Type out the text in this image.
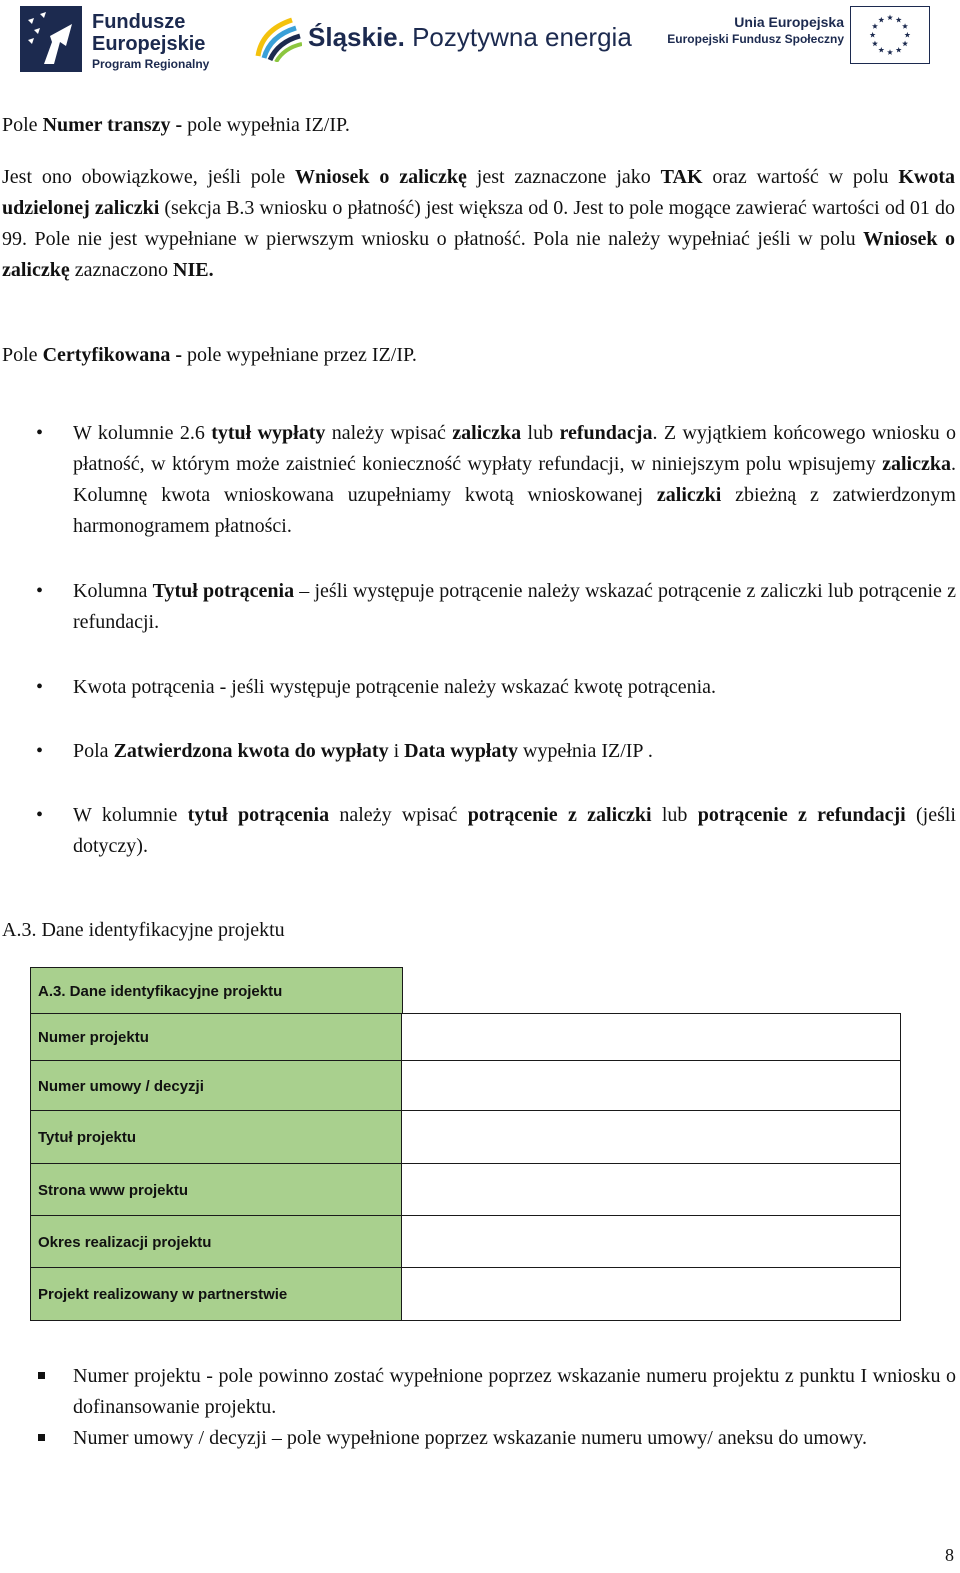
Fundusze
Europejskie
Program Regionalny
Śląskie. Pozytywna energia	Unia Europejska
Europejski Fundusz Społeczny

Pole Numer transzy - pole wypełnia IZ/IP.

Jest ono obowiązkowe, jeśli pole Wniosek o zaliczkę jest zaznaczone jako TAK oraz wartość w polu Kwota udzielonej zaliczki (sekcja B.3 wniosku o płatność) jest większa od 0. Jest to pole mogące zawierać wartości od 01 do 99. Pole nie jest wypełniane w pierwszym wniosku o płatność. Pola nie należy wypełniać jeśli w polu Wniosek o zaliczkę zaznaczono NIE.

Pole Certyfikowana - pole wypełniane przez IZ/IP.

• W kolumnie 2.6 tytuł wypłaty należy wpisać zaliczka lub refundacja. Z wyjątkiem końcowego wniosku o płatność, w którym może zaistnieć konieczność wypłaty refundacji, w niniejszym polu wpisujemy zaliczka. Kolumnę kwota wnioskowana uzupełniamy kwotą wnioskowanej zaliczki zbieżną z zatwierdzonym harmonogramem płatności.
• Kolumna Tytuł potrącenia – jeśli występuje potrącenie należy wskazać potrącenie z zaliczki lub potrącenie z refundacji.
• Kwota potrącenia - jeśli występuje potrącenie należy wskazać kwotę potrącenia.
• Pola Zatwierdzona kwota do wypłaty i Data wypłaty wypełnia IZ/IP .
• W kolumnie tytuł potrącenia należy wpisać potrącenie z zaliczki lub potrącenie z refundacji (jeśli dotyczy).

A.3. Dane identyfikacyjne projektu

A.3. Dane identyfikacyjne projektu
Numer projektu
Numer umowy / decyzji
Tytuł projektu
Strona www projektu
Okres realizacji projektu
Projekt realizowany w partnerstwie
Numer projektu - pole powinno zostać wypełnione poprzez wskazanie numeru projektu z punktu I wniosku o dofinansowanie projektu.
Numer umowy / decyzji – pole wypełnione poprzez wskazanie numeru umowy/ aneksu do umowy.
8
